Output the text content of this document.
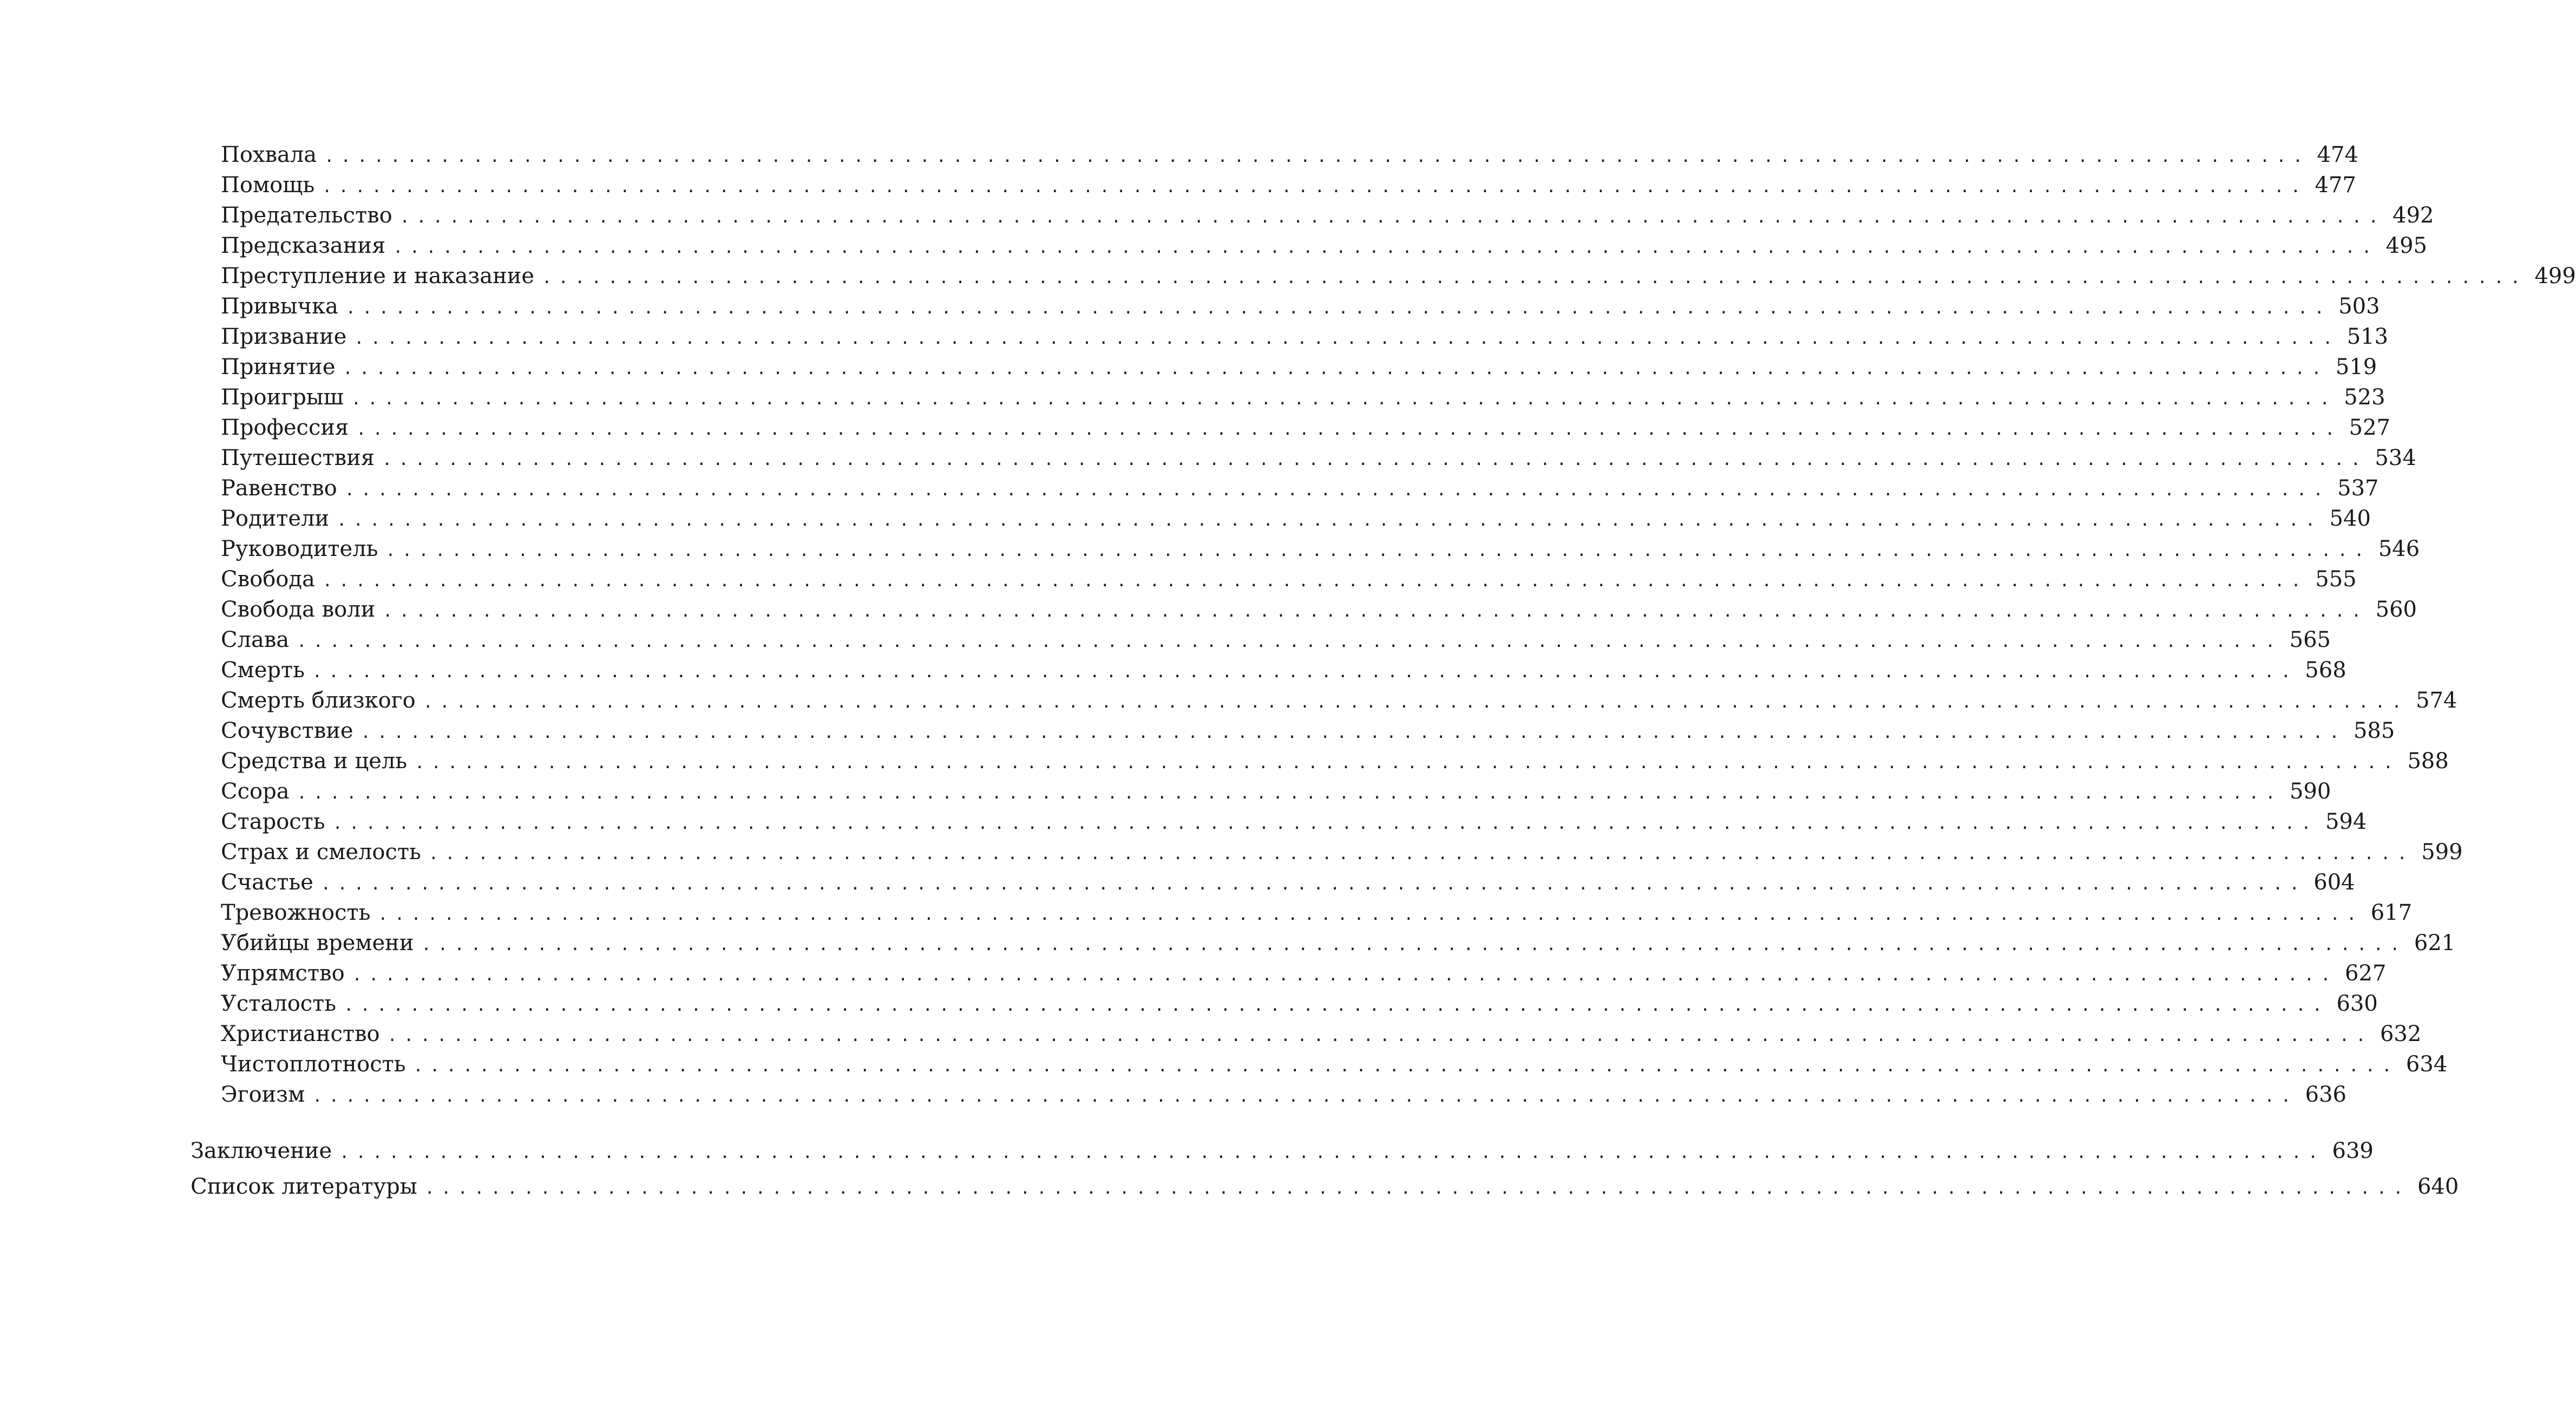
Похвала ........................................................................................................................ 474
Помощь ........................................................................................................................ 477
Предательство ........................................................................................................................ 492
Предсказания ........................................................................................................................ 495
Преступление и наказание ........................................................................................................................ 499
Привычка ........................................................................................................................ 503
Призвание ........................................................................................................................ 513
Принятие ........................................................................................................................ 519
Проигрыш ........................................................................................................................ 523
Профессия ........................................................................................................................ 527
Путешествия ........................................................................................................................ 534
Равенство ........................................................................................................................ 537
Родители ........................................................................................................................ 540
Руководитель ........................................................................................................................ 546
Свобода ........................................................................................................................ 555
Свобода воли ........................................................................................................................ 560
Слава ........................................................................................................................ 565
Смерть ........................................................................................................................ 568
Смерть близкого ........................................................................................................................ 574
Сочувствие ........................................................................................................................ 585
Средства и цель ........................................................................................................................ 588
Ссора ........................................................................................................................ 590
Старость ........................................................................................................................ 594
Страх и смелость ........................................................................................................................ 599
Счастье ........................................................................................................................ 604
Тревожность ........................................................................................................................ 617
Убийцы времени ........................................................................................................................ 621
Упрямство ........................................................................................................................ 627
Усталость ........................................................................................................................ 630
Христианство ........................................................................................................................ 632
Чистоплотность ........................................................................................................................ 634
Эгоизм ........................................................................................................................ 636
Заключение ........................................................................................................................ 639
Список литературы ........................................................................................................................ 640
